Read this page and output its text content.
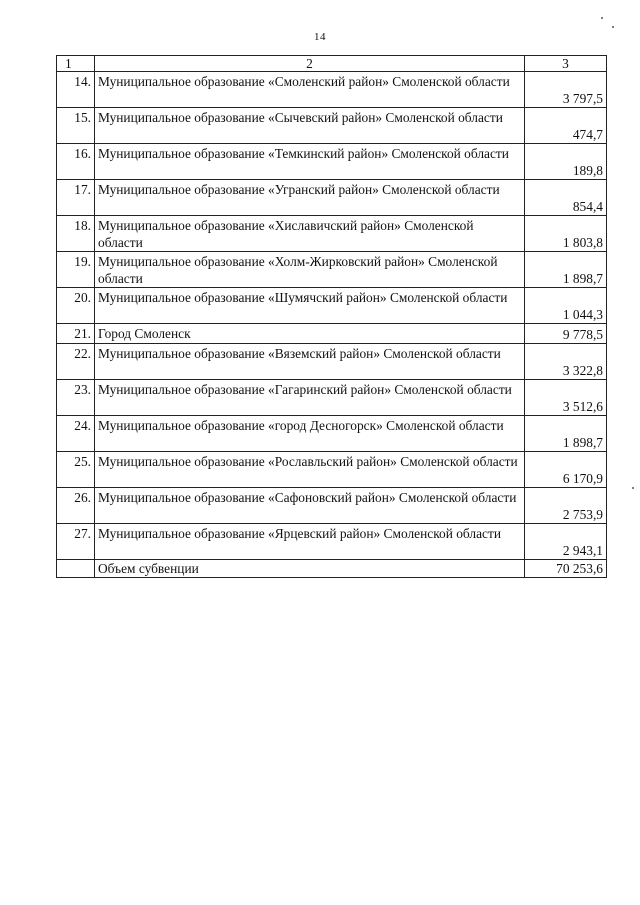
14
1	2	3
14.	Муниципальное образование «Смоленский район» Смоленской области	3 797,5
15.	Муниципальное образование «Сычевский район» Смоленской области	474,7
16.	Муниципальное образование «Темкинский район» Смоленской области	189,8
17.	Муниципальное образование «Угранский район» Смоленской области	854,4
18.	Муниципальное образование «Хиславичский район» Смоленской области	1 803,8
19.	Муниципальное образование «Холм-Жирковский район» Смоленской области	1 898,7
20.	Муниципальное образование «Шумячский район» Смоленской области	1 044,3
21.	Город Смоленск	9 778,5
22.	Муниципальное образование «Вяземский район» Смоленской области	3 322,8
23.	Муниципальное образование «Гагаринский район» Смоленской области	3 512,6
24.	Муниципальное образование «город Десногорск» Смоленской области	1 898,7
25.	Муниципальное образование «Рославльский район» Смоленской области	6 170,9
26.	Муниципальное образование «Сафоновский район» Смоленской области	2 753,9
27.	Муниципальное образование «Ярцевский район» Смоленской области	2 943,1
	Объем субвенции	70 253,6
